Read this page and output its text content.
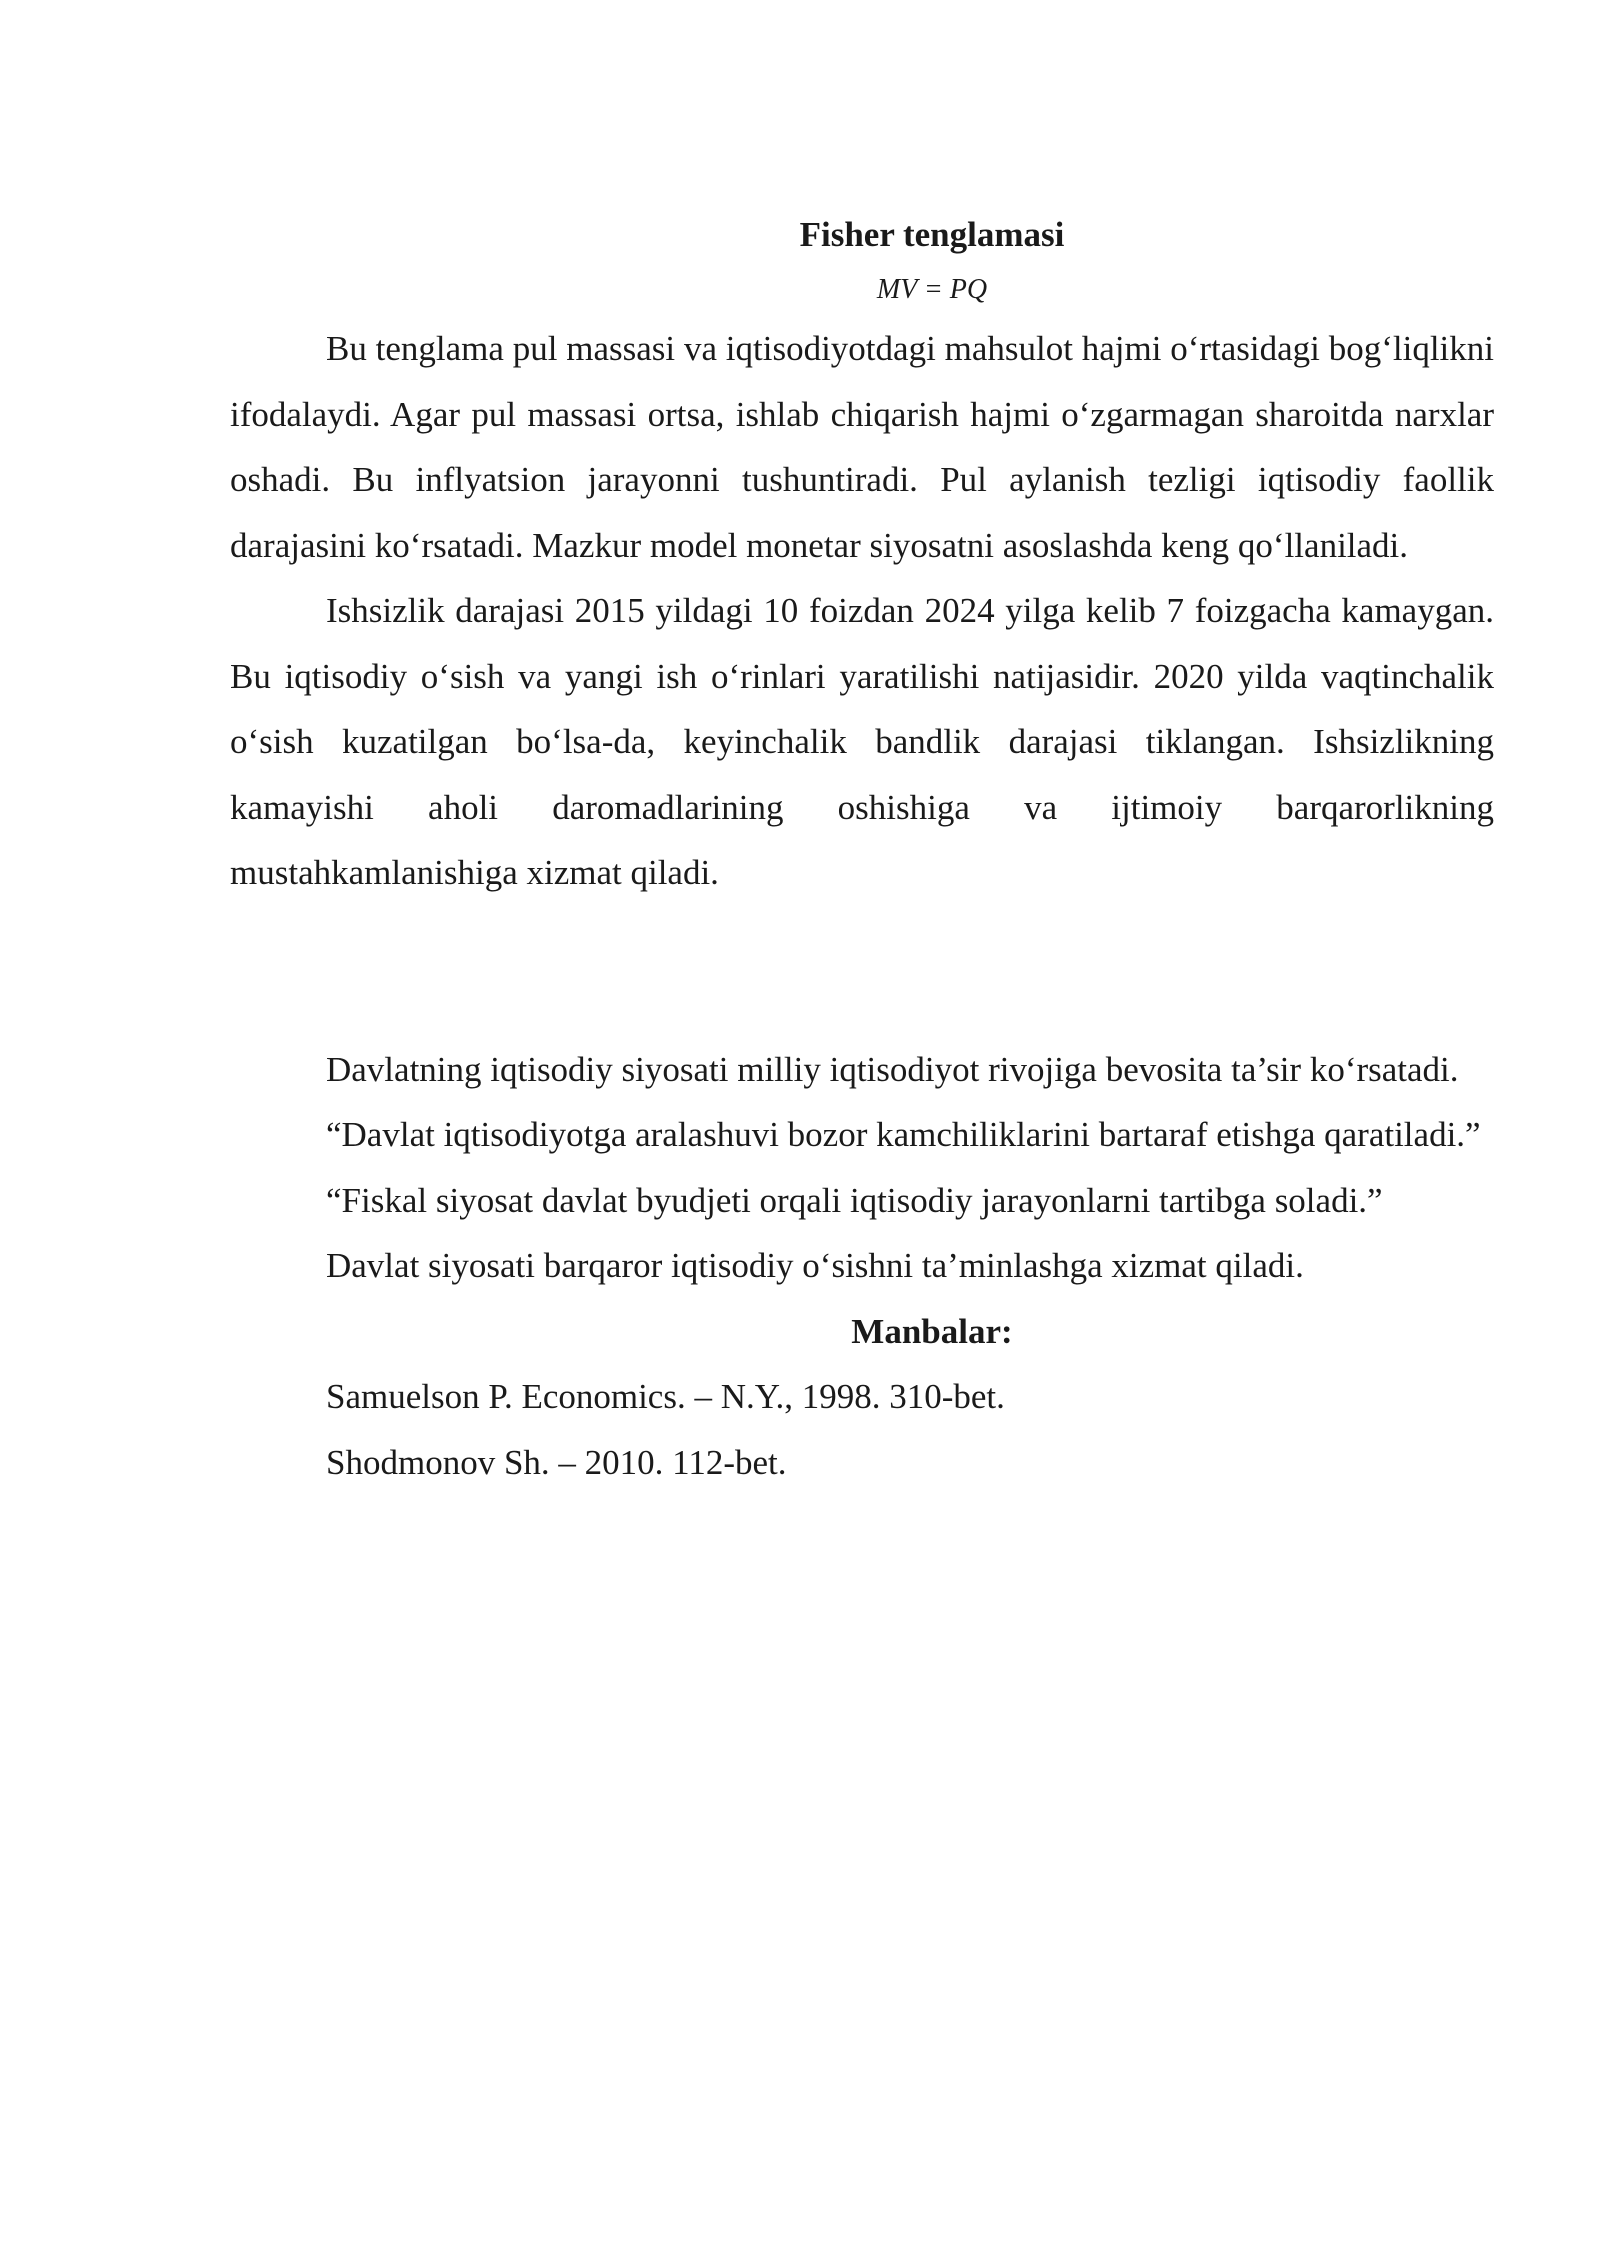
Fisher tenglamasi
MV = PQ

Bu tenglama pul massasi va iqtisodiyotdagi mahsulot hajmi o‘rtasidagi bog‘liqlikni ifodalaydi. Agar pul massasi ortsa, ishlab chiqarish hajmi o‘zgarmagan sharoitda narxlar oshadi. Bu inflyatsion jarayonni tushuntiradi. Pul aylanish tezligi iqtisodiy faollik darajasini ko‘rsatadi. Mazkur model monetar siyosatni asoslashda keng qo‘llaniladi.

Ishsizlik darajasi 2015 yildagi 10 foizdan 2024 yilga kelib 7 foizgacha kamaygan. Bu iqtisodiy o‘sish va yangi ish o‘rinlari yaratilishi natijasidir. 2020 yilda vaqtinchalik o‘sish kuzatilgan bo‘lsa-da, keyinchalik bandlik darajasi tiklangan. Ishsizlikning kamayishi aholi daromadlarining oshishiga va ijtimoiy barqarorlikning mustahkamlanishiga xizmat qiladi.

Davlatning iqtisodiy siyosati milliy iqtisodiyot rivojiga bevosita ta’sir ko‘rsatadi.

“Davlat iqtisodiyotga aralashuvi bozor kamchiliklarini bartaraf etishga qaratiladi.”

“Fiskal siyosat davlat byudjeti orqali iqtisodiy jarayonlarni tartibga soladi.”

Davlat siyosati barqaror iqtisodiy o‘sishni ta’minlashga xizmat qiladi.

Manbalar:

Samuelson P. Economics. – N.Y., 1998. 310-bet.

Shodmonov Sh. – 2010. 112-bet.
